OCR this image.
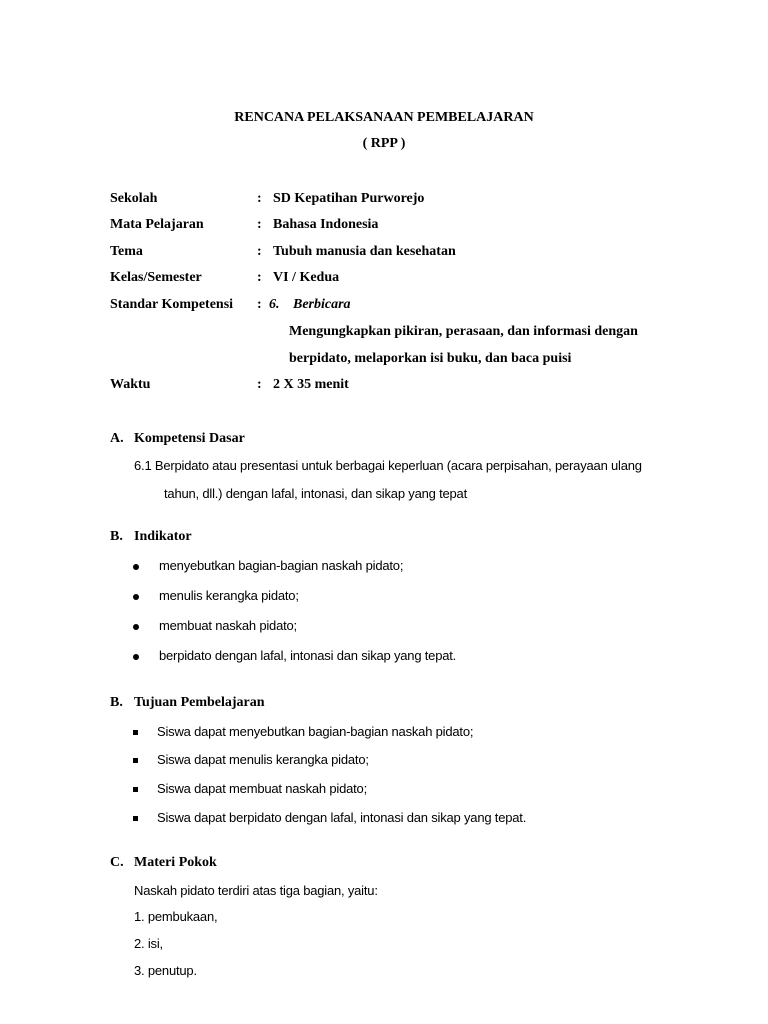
RENCANA PELAKSANAAN PEMBELAJARAN
( RPP )
Sekolah	: SD Kepatihan Purworejo
Mata Pelajaran	: Bahasa Indonesia
Tema	: Tubuh manusia dan kesehatan
Kelas/Semester	: VI / Kedua
Standar Kompetensi : 6. Berbicara
Mengungkapkan pikiran, perasaan, dan informasi dengan
berpidato, melaporkan isi buku, dan baca puisi
Waktu	: 2 X 35 menit
A. Kompetensi Dasar
6.1 Berpidato atau presentasi untuk berbagai keperluan (acara perpisahan, perayaan ulang
tahun, dll.) dengan lafal, intonasi, dan sikap yang tepat
B. Indikator
menyebutkan bagian-bagian naskah pidato;
menulis kerangka pidato;
membuat naskah pidato;
berpidato dengan lafal, intonasi dan sikap yang tepat.
B. Tujuan Pembelajaran
Siswa dapat menyebutkan bagian-bagian naskah pidato;
Siswa dapat menulis kerangka pidato;
Siswa dapat membuat naskah pidato;
Siswa dapat berpidato dengan lafal, intonasi dan sikap yang tepat.
C. Materi Pokok
Naskah pidato terdiri atas tiga bagian, yaitu:
1. pembukaan,
2. isi,
3. penutup.
